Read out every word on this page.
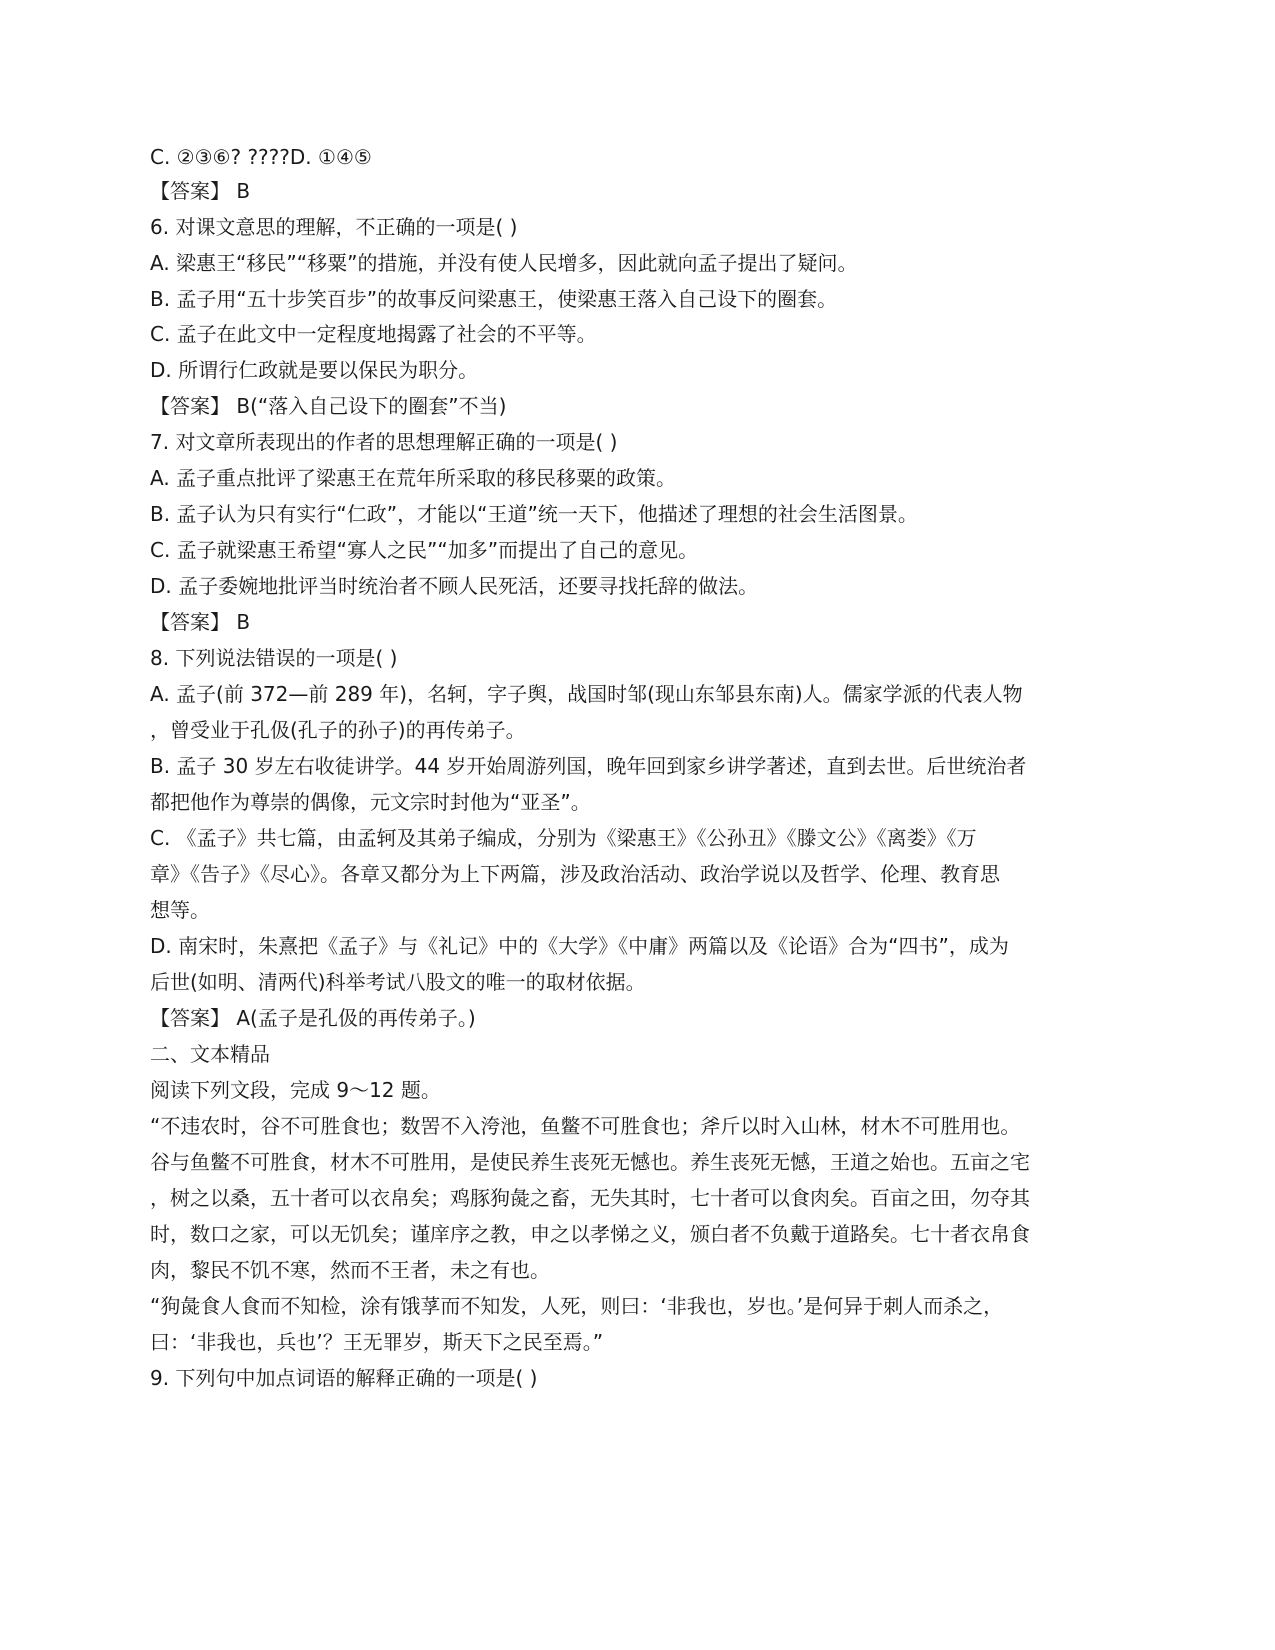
C. ②③⑥? ????D. ①④⑤
【答案】 B
6. 对课文意思的理解，不正确的一项是( )
A. 梁惠王“移民”“移粟”的措施，并没有使人民增多，因此就向孟子提出了疑问。
B. 孟子用“五十步笑百步”的故事反问梁惠王，使梁惠王落入自己设下的圈套。
C. 孟子在此文中一定程度地揭露了社会的不平等。
D. 所谓行仁政就是要以保民为职分。
【答案】 B(“落入自己设下的圈套”不当)
7. 对文章所表现出的作者的思想理解正确的一项是( )
A. 孟子重点批评了梁惠王在荒年所采取的移民移粟的政策。
B. 孟子认为只有实行“仁政”，才能以“王道”统一天下，他描述了理想的社会生活图景。
C. 孟子就梁惠王希望“寡人之民”“加多”而提出了自己的意见。
D. 孟子委婉地批评当时统治者不顾人民死活，还要寻找托辞的做法。
【答案】 B
8. 下列说法错误的一项是( )
A. 孟子(前 372—前 289 年)，名轲，字子舆，战国时邹(现山东邹县东南)人。儒家学派的代表人物
，曾受业于孔伋(孔子的孙子)的再传弟子。
B. 孟子 30 岁左右收徒讲学。44 岁开始周游列国，晚年回到家乡讲学著述，直到去世。后世统治者
都把他作为尊崇的偶像，元文宗时封他为“亚圣”。
C. 《孟子》共七篇，由孟轲及其弟子编成，分别为《梁惠王》《公孙丑》《滕文公》《离娄》《万
章》《告子》《尽心》。各章又都分为上下两篇，涉及政治活动、政治学说以及哲学、伦理、教育思
想等。
D. 南宋时，朱熹把《孟子》与《礼记》中的《大学》《中庸》两篇以及《论语》合为“四书”，成为
后世(如明、清两代)科举考试八股文的唯一的取材依据。
【答案】 A(孟子是孔伋的再传弟子。)
二、文本精品
阅读下列文段，完成 9～12 题。
“不违农时，谷不可胜食也；数罟不入洿池，鱼鳖不可胜食也；斧斤以时入山林，材木不可胜用也。
谷与鱼鳖不可胜食，材木不可胜用，是使民养生丧死无憾也。养生丧死无憾，王道之始也。五亩之宅
，树之以桑，五十者可以衣帛矣；鸡豚狗彘之畜，无失其时，七十者可以食肉矣。百亩之田，勿夺其
时，数口之家，可以无饥矣；谨庠序之教，申之以孝悌之义，颁白者不负戴于道路矣。七十者衣帛食
肉，黎民不饥不寒，然而不王者，未之有也。
“狗彘食人食而不知检，涂有饿莩而不知发，人死，则曰：‘非我也，岁也。’是何异于刺人而杀之，
曰：‘非我也，兵也’？王无罪岁，斯天下之民至焉。”
9. 下列句中加点词语的解释正确的一项是( )
